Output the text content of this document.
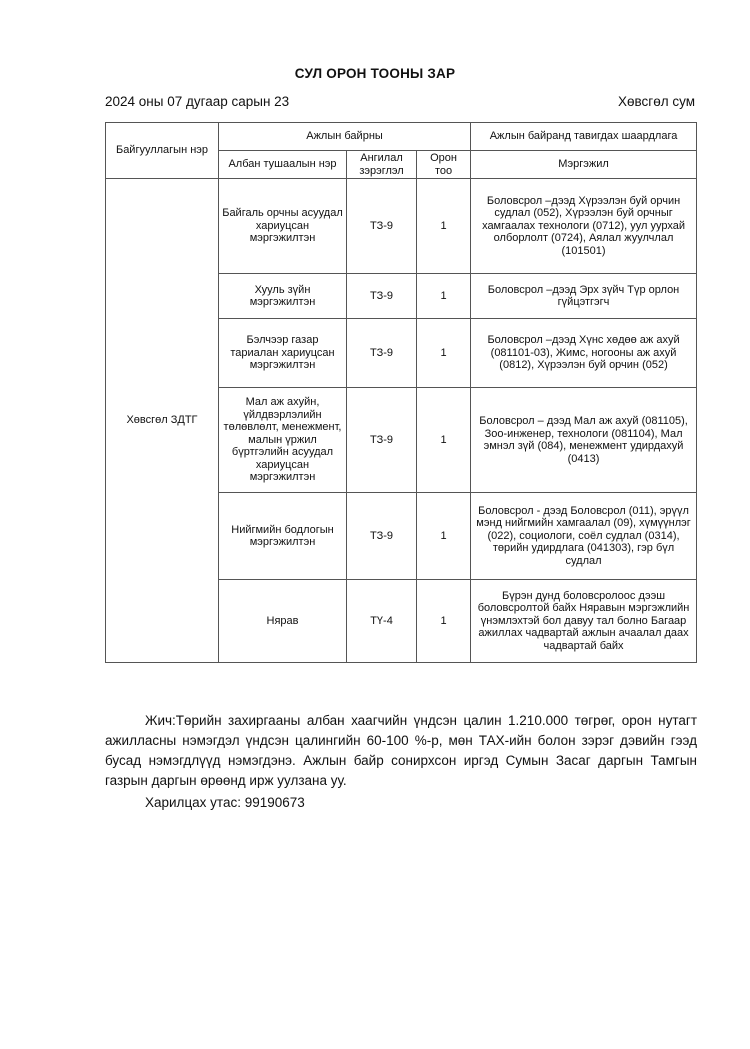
СУЛ ОРОН ТООНЫ ЗАР
2024 оны 07 дугаар сарын 23	Хөвсгөл сум
Байгууллагын нэр	Ажлын байрны			Ажлын байранд тавигдах шаардлага
	Албан тушаалын нэр	Ангилал зэрэглэл	Орон тоо	Мэргэжил
Хөвсгөл ЗДТГ	Байгаль орчны асуудал хариуцсан мэргэжилтэн	ТЗ-9	1	Боловсрол –дээд Хүрээлэн буй орчин судлал (052), Хүрээлэн буй орчныг хамгаалах технологи (0712), уул уурхай олборлолт (0724), Аялал жуулчлал (101501)
	Хууль зүйн мэргэжилтэн	ТЗ-9	1	Боловсрол –дээд Эрх зүйч Түр орлон гүйцэтгэгч
	Бэлчээр газар тариалан хариуцсан мэргэжилтэн	ТЗ-9	1	Боловсрол –дээд Хүнс хөдөө аж ахуй (081101-03), Жимс, ногооны аж ахуй (0812), Хүрээлэн буй орчин (052)
	Мал аж ахуйн, үйлдвэрлэлийн төлөвлөлт, менежмент, малын үржил бүртгэлийн асуудал хариуцсан мэргэжилтэн	ТЗ-9	1	Боловсрол – дээд Мал аж ахуй (081105), Зоо-инженер, технологи (081104), Мал эмнэл зүй (084), менежмент удирдахуй (0413)
	Нийгмийн бодлогын мэргэжилтэн	ТЗ-9	1	Боловсрол - дээд Боловсрол (011), эрүүл мэнд нийгмийн хамгаалал (09), хүмүүнлэг (022), социологи, соёл судлал (0314), төрийн удирдлага (041303), гэр бүл судлал
	Нярав	ТҮ-4	1	Бүрэн дунд боловсролоос дээш боловсролтой байх Няравын мэргэжлийн үнэмлэхтэй бол давуу тал болно Багаар ажиллах чадвартай ажлын ачаалал даах чадвартай байх
Жич:Төрийн захиргааны албан хаагчийн үндсэн цалин 1.210.000 төгрөг, орон нутагт ажилласны нэмэгдэл үндсэн цалингийн 60-100 %-р, мөн ТАХ-ийн болон зэрэг дэвийн гээд бусад нэмэгдлүүд нэмэгдэнэ. Ажлын байр сонирхсон иргэд Сумын Засаг даргын Тамгын газрын даргын өрөөнд ирж уулзана уу.
Харилцах утас: 99190673
